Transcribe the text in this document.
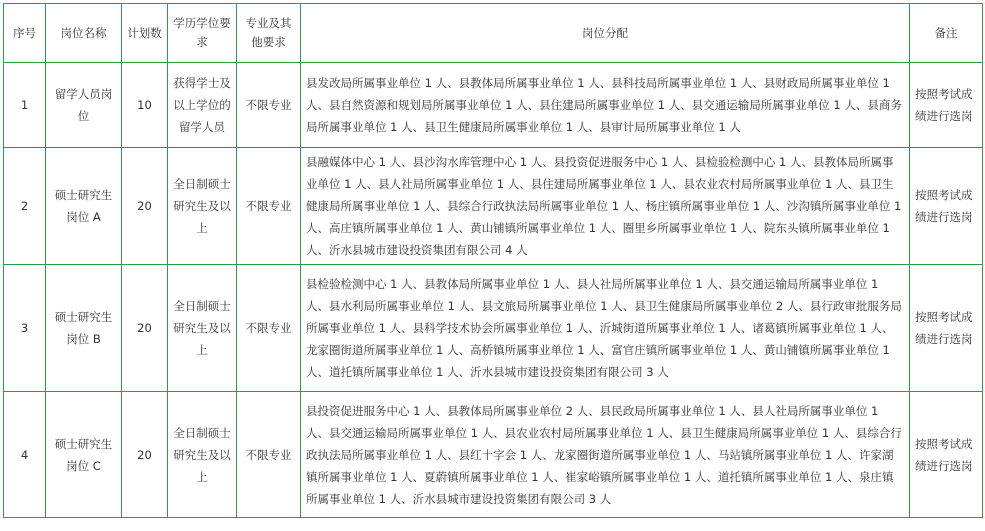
序号	岗位名称	计划数	学历学位要求	专业及其他要求	岗位分配	备注
1	留学人员岗位	10	获得学士及以上学位的留学人员	不限专业	县发改局所属事业单位 1 人、县教体局所属事业单位 1 人、县科技局所属事业单位 1 人、县财政局所属事业单位 1 人、县自然资源和规划局所属事业单位 1 人、县住建局所属事业单位 1 人、县交通运输局所属事业单位 1 人、县商务局所属事业单位 1 人、县卫生健康局所属事业单位 1 人、县审计局所属事业单位 1 人	按照考试成绩进行选岗
2	硕士研究生岗位 A	20	全日制硕士研究生及以上	不限专业	县融媒体中心 1 人、县沙沟水库管理中心 1 人、县投资促进服务中心 1 人、县检验检测中心 1 人、县教体局所属事业单位 1 人、县人社局所属事业单位 1 人、县住建局所属事业单位 1 人、县农业农村局所属事业单位 1 人、县卫生健康局所属事业单位 1 人、县综合行政执法局所属事业单位 1 人、杨庄镇所属事业单位 1 人、沙沟镇所属事业单位 1 人、高庄镇所属事业单位 1 人、黄山铺镇所属事业单位 1 人、圈里乡所属事业单位 1 人、院东头镇所属事业单位 1 人、沂水县城市建设投资集团有限公司 4 人	按照考试成绩进行选岗
3	硕士研究生岗位 B	20	全日制硕士研究生及以上	不限专业	县检验检测中心 1 人、县教体局所属事业单位 1 人、县人社局所属事业单位 1 人、县交通运输局所属事业单位 1 人、县水利局所属事业单位 1 人、县文旅局所属事业单位 1 人、县卫生健康局所属事业单位 2 人、县行政审批服务局所属事业单位 1 人、县科学技术协会所属事业单位 1 人、沂城街道所属事业单位 1 人、诸葛镇所属事业单位 1 人、龙家圈街道所属事业单位 1 人、高桥镇所属事业单位 1 人、富官庄镇所属事业单位 1 人、黄山铺镇所属事业单位 1 人、道托镇所属事业单位 1 人、沂水县城市建设投资集团有限公司 3 人	按照考试成绩进行选岗
4	硕士研究生岗位 C	20	全日制硕士研究生及以上	不限专业	县投资促进服务中心 1 人、县教体局所属事业单位 2 人、县民政局所属事业单位 1 人、县人社局所属事业单位 1 人、县交通运输局所属事业单位 1 人、县农业农村局所属事业单位 1 人、县卫生健康局所属事业单位 1 人、县综合行政执法局所属事业单位 1 人、县红十字会 1 人、龙家圈街道所属事业单位 1 人、马站镇所属事业单位 1 人、许家湖镇所属事业单位 1 人、夏蔚镇所属事业单位 1 人、崔家峪镇所属事业单位 1 人、道托镇所属事业单位 1 人、泉庄镇所属事业单位 1 人、沂水县城市建设投资集团有限公司 3 人	按照考试成绩进行选岗
